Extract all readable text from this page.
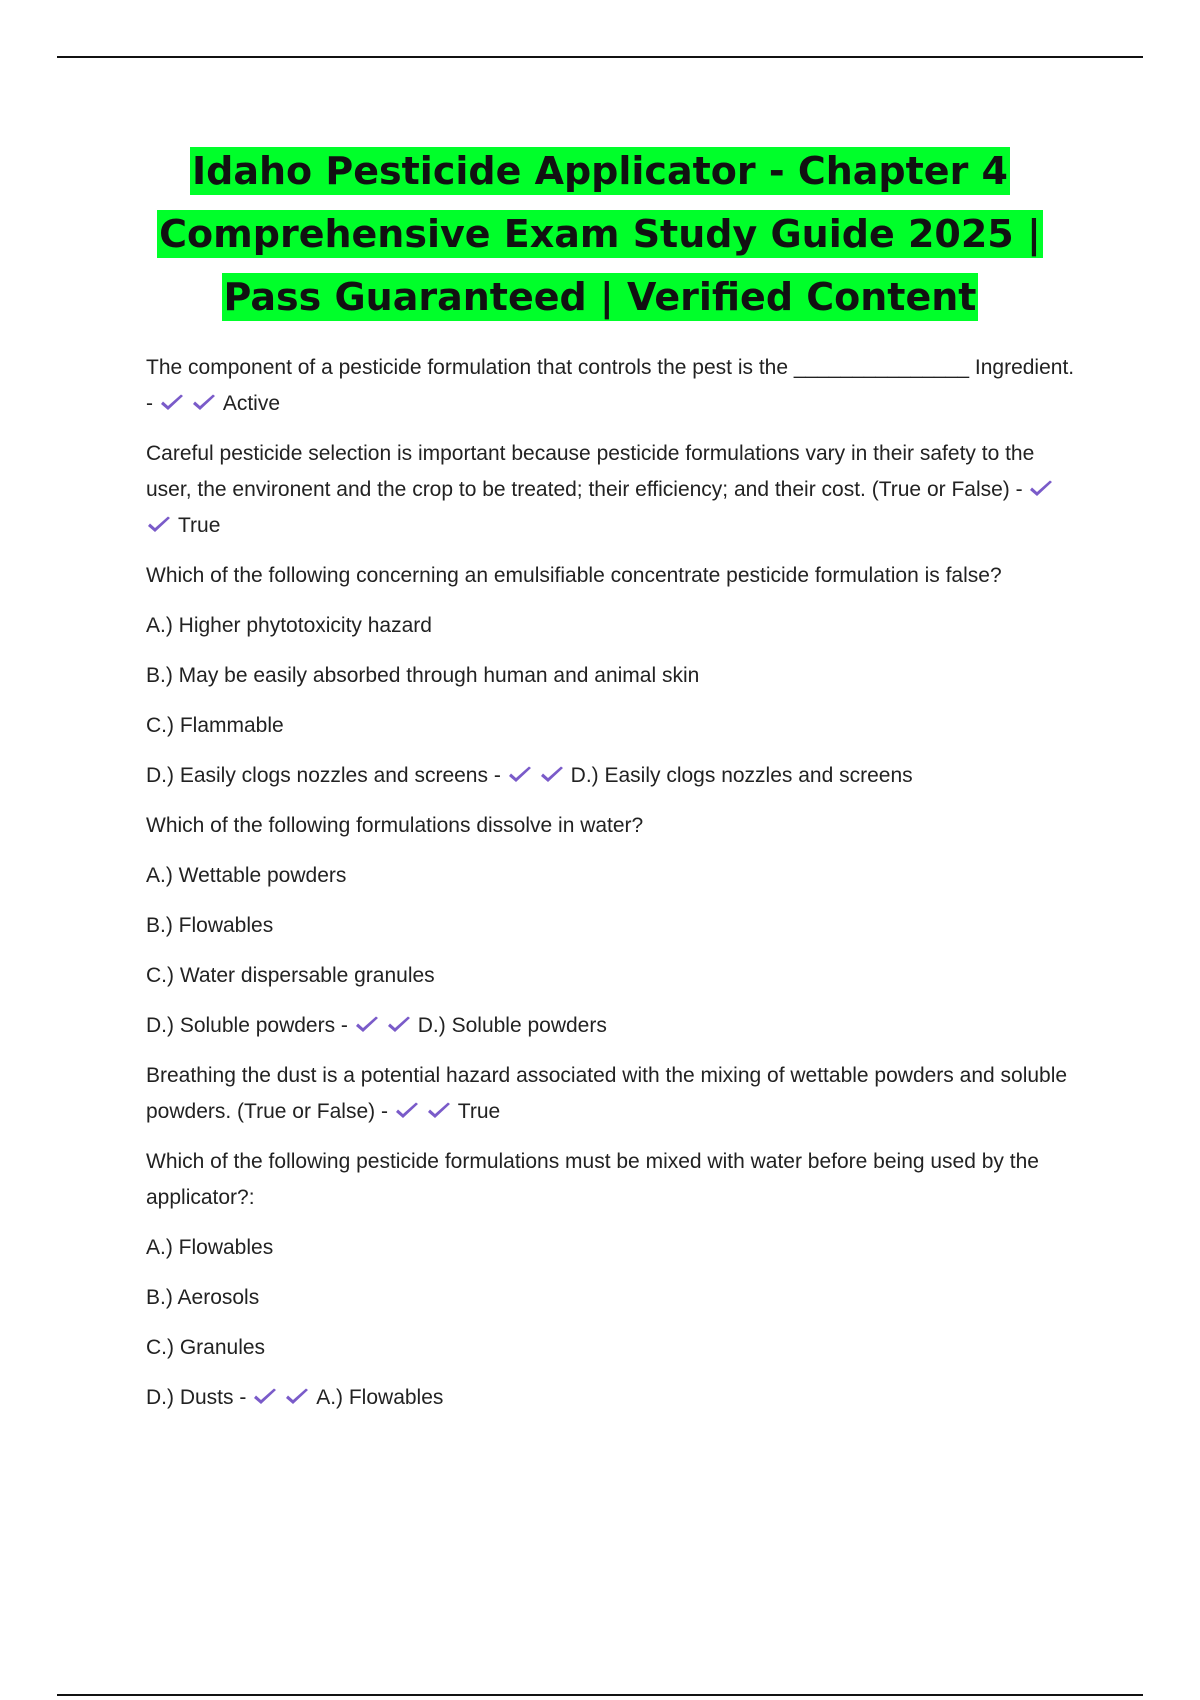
Idaho Pesticide Applicator - Chapter 4 Comprehensive Exam Study Guide 2025 | Pass Guaranteed | Verified Content

The component of a pesticide formulation that controls the pest is the _______________ Ingredient. -	Active

Careful pesticide selection is important because pesticide formulations vary in their safety to the user, the environent and the crop to be treated; their efficiency; and their cost. (True or False) -
True

Which of the following concerning an emulsifiable concentrate pesticide formulation is false?

A.) Higher phytotoxicity hazard

B.) May be easily absorbed through human and animal skin

C.) Flammable

D.) Easily clogs nozzles and screens -	D.) Easily clogs nozzles and screens

Which of the following formulations dissolve in water?

A.) Wettable powders

B.) Flowables

C.) Water dispersable granules

D.) Soluble powders -	D.) Soluble powders

Breathing the dust is a potential hazard associated with the mixing of wettable powders and soluble powders. (True or False) -	True

Which of the following pesticide formulations must be mixed with water before being used by the applicator?:

A.) Flowables

B.) Aerosols

C.) Granules

D.) Dusts -	A.) Flowables
